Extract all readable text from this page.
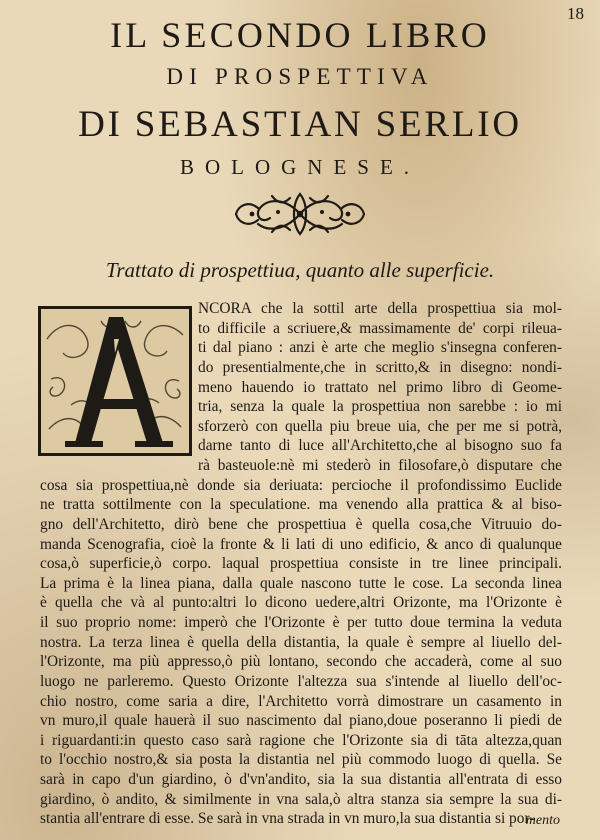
18
IL SECONDO LIBRO
DI PROSPETTIVA
DI SEBASTIAN SERLIO
BOLOGNESE.
Trattato di prospettiua, quanto alle superficie.
NCORA che la sottil arte della prospettiua sia mol-
to difficile a scriuere,& massimamente de' corpi rileua-
ti dal piano : anzi è arte che meglio s'insegna conferen-
do presentialmente,che in scritto,& in disegno: nondi-
meno hauendo io trattato nel primo libro di Geome-
tria, senza la quale la prospettiua non sarebbe : io mi
sforzerò con quella piu breue uia, che per me si potrà,
darne tanto di luce all'Architetto,che al bisogno suo fa
rà basteuole:nè mi stederò in filosofare,ò disputare che
cosa sia prospettiua,nè donde sia deriuata: percioche il profondissimo Euclide
ne tratta sottilmente con la speculatione. ma venendo alla prattica & al biso-
gno dell'Architetto, dirò bene che prospettiua è quella cosa,che Vitruuio do-
manda Scenografia, cioè la fronte & li lati di uno edificio, & anco di qualunque
cosa,ò superficie,ò corpo. laqual prospettiua consiste in tre linee principali.
La prima è la linea piana, dalla quale nascono tutte le cose. La seconda linea
è quella che và al punto:altri lo dicono uedere,altri Orizonte, ma l'Orizonte è
il suo proprio nome: imperò che l'Orizonte è per tutto doue termina la veduta
nostra. La terza linea è quella della distantia, la quale è sempre al liuello del-
l'Orizonte, ma più appresso,ò più lontano, secondo che accaderà, come al suo
luogo ne parleremo. Questo Orizonte l'altezza sua s'intende al liuello dell'oc-
chio nostro, come saria a dire, l'Architetto vorrà dimostrare un casamento in
vn muro,il quale hauerà il suo nascimento dal piano,doue poseranno li piedi de
i riguardanti:in questo caso sarà ragione che l'Orizonte sia di tāta altezza,quan
to l'occhio nostro,& sia posta la distantia nel più commodo luogo di quella. Se
sarà in capo d'un giardino, ò d'vn'andito, sia la sua distantia all'entrata di esso
giardino, ò andito, & similmente in vna sala,ò altra stanza sia sempre la sua di-
stantia all'entrare di esse. Se sarà in vna strada in vn muro,la sua distantia si por-
mento
